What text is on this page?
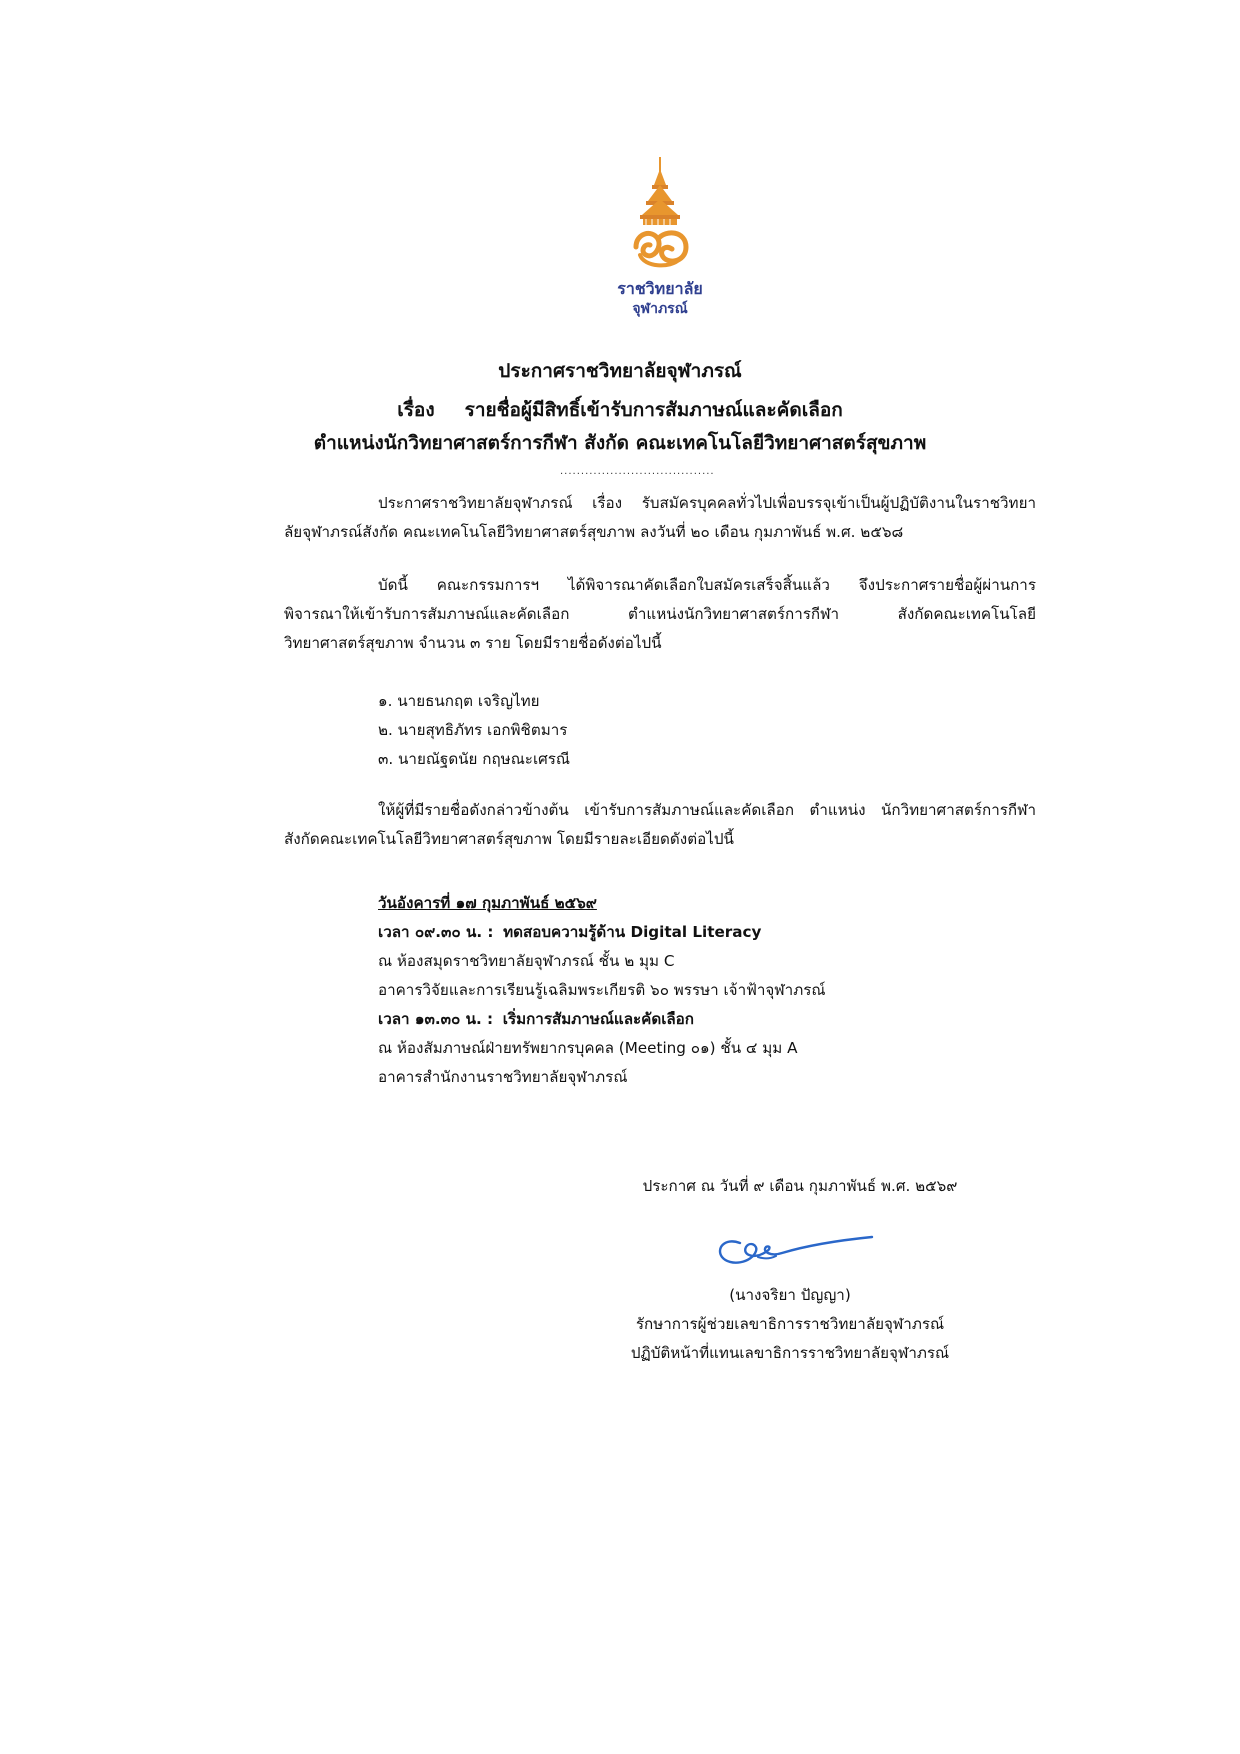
ราชวิทยาลัย
จุฬาภรณ์
ประกาศราชวิทยาลัยจุฬาภรณ์
เรื่อง รายชื่อผู้มีสิทธิ์เข้ารับการสัมภาษณ์และคัดเลือก
ตำแหน่งนักวิทยาศาสตร์การกีฬา สังกัด คณะเทคโนโลยีวิทยาศาสตร์สุขภาพ
.....................................
ประกาศราชวิทยาลัยจุฬาภรณ์ เรื่อง รับสมัครบุคคลทั่วไปเพื่อบรรจุเข้าเป็นผู้ปฏิบัติงานในราชวิทยา
ลัยจุฬาภรณ์สังกัด คณะเทคโนโลยีวิทยาศาสตร์สุขภาพ ลงวันที่ ๒๐ เดือน กุมภาพันธ์ พ.ศ. ๒๕๖๘
บัดนี้ คณะกรรมการฯ ได้พิจารณาคัดเลือกใบสมัครเสร็จสิ้นแล้ว จึงประกาศรายชื่อผู้ผ่านการ
พิจารณาให้เข้ารับการสัมภาษณ์และคัดเลือก ตำแหน่งนักวิทยาศาสตร์การกีฬา สังกัดคณะเทคโนโลยี
วิทยาศาสตร์สุขภาพ จำนวน ๓ ราย โดยมีรายชื่อดังต่อไปนี้
๑. นายธนกฤต เจริญไทย
๒. นายสุทธิภัทร เอกพิชิตมาร
๓. นายณัฐดนัย กฤษณะเศรณี
ให้ผู้ที่มีรายชื่อดังกล่าวข้างต้น เข้ารับการสัมภาษณ์และคัดเลือก ตำแหน่ง นักวิทยาศาสตร์การกีฬา
สังกัดคณะเทคโนโลยีวิทยาศาสตร์สุขภาพ โดยมีรายละเอียดดังต่อไปนี้
วันอังคารที่ ๑๗ กุมภาพันธ์ ๒๕๖๙
เวลา ๐๙.๓๐ น. : ทดสอบความรู้ด้าน Digital Literacy
ณ ห้องสมุดราชวิทยาลัยจุฬาภรณ์ ชั้น ๒ มุม C
อาคารวิจัยและการเรียนรู้เฉลิมพระเกียรติ ๖๐ พรรษา เจ้าฟ้าจุฬาภรณ์
เวลา ๑๓.๓๐ น. : เริ่มการสัมภาษณ์และคัดเลือก
ณ ห้องสัมภาษณ์ฝ่ายทรัพยากรบุคคล (Meeting ๐๑) ชั้น ๔ มุม A
อาคารสำนักงานราชวิทยาลัยจุฬาภรณ์
ประกาศ ณ วันที่ ๙ เดือน กุมภาพันธ์ พ.ศ. ๒๕๖๙
(นางจริยา ปัญญา)
รักษาการผู้ช่วยเลขาธิการราชวิทยาลัยจุฬาภรณ์
ปฏิบัติหน้าที่แทนเลขาธิการราชวิทยาลัยจุฬาภรณ์
